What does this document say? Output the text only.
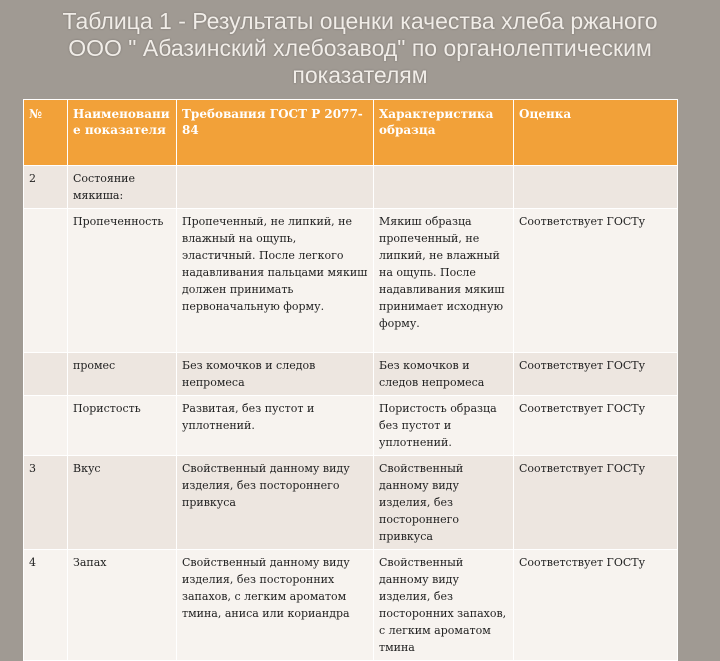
Таблица 1 - Результаты оценки качества хлеба ржаного
ООО " Абазинский хлебозавод" по органолептическим
показателям
№	Наименование показателя	Требования ГОСТ Р 2077-84	Характеристика образца	Оценка
2	Состояние мякиша:			
	Пропеченность	Пропеченный, не липкий, не влажный на ощупь, эластичный. После легкого надавливания пальцами мякиш должен принимать первоначальную форму.	Мякиш образца пропеченный, не липкий, не влажный на ощупь. После надавливания мякиш принимает исходную форму.	Соответствует ГОСТу
	промес	Без комочков и следов непромеса	Без комочков и следов непромеса	Соответствует ГОСТу
	Пористость	Развитая, без пустот и уплотнений.	Пористость образца без пустот и уплотнений.	Соответствует ГОСТу
3	Вкус	Свойственный данному виду изделия, без постороннего привкуса	Свойственный данному виду изделия, без постороннего привкуса	Соответствует ГОСТу
4	Запах	Свойственный данному виду изделия, без посторонних запахов, с легким ароматом тмина, аниса или кориандра	Свойственный данному виду изделия, без посторонних запахов, с легким ароматом тмина	Соответствует ГОСТу
